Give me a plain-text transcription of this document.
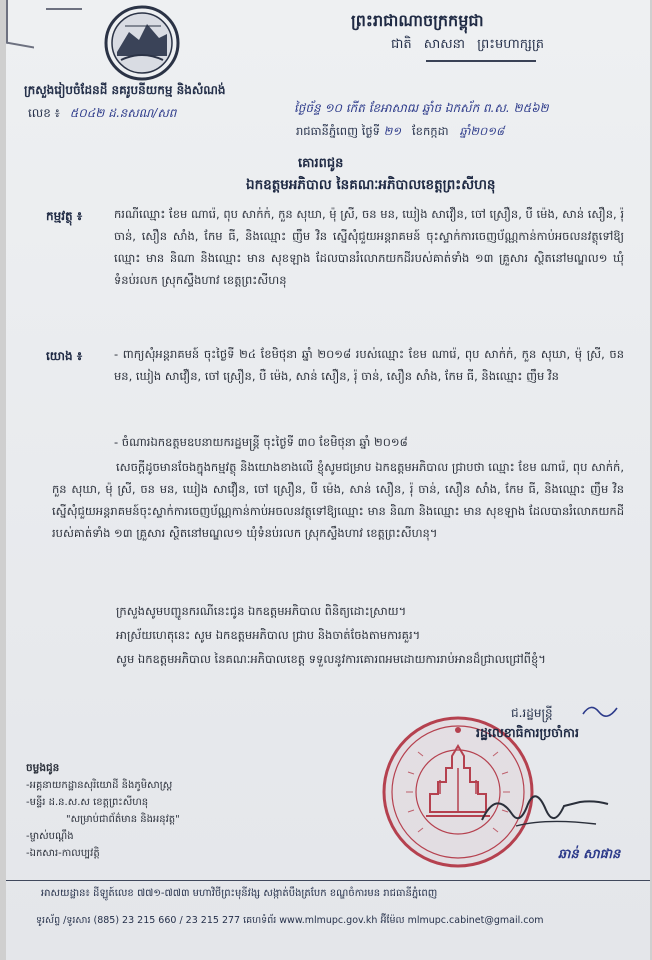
ព្រះរាជាណាចក្រកម្ពុជា
ជាតិ សាសនា ព្រះមហាក្សត្រ
ក្រសួងរៀបចំដែនដី នគរូបនីយកម្ម និងសំណង់
លេខ ៖ ៥០៤២ ដ.នសណ/សព	ថ្ងៃច័ន្ទ ១០ កើត ខែអាសាឍ ឆ្នាំច ឯកស័ក ព.ស. ២៥៦២
រាជធានីភ្នំពេញ ថ្ងៃទី ២១ ខែកក្កដា ឆ្នាំ២០១៨
គោរពជូន
ឯកឧត្តមអភិបាល នៃគណៈអភិបាលខេត្តព្រះសីហនុ
កម្មវត្ថុ ៖	ករណីឈ្មោះ ខែម ណារ៉េ, ពុប សាក់ក់, កួន សុឃា, ម៉ុ ស្រី, ចន មន, ឃៀង សាវឿន, ចៅ ស្រឿន, បឺ ម៉េង, សាន់ សឿន, រ៉ុ ចាន់, សឿន សាំង, កែម ធី, និងឈ្មោះ ញឹម វិន ស្នើសុំជួយអន្តរាគមន៍ ចុះស្ទាក់ការចេញប័ណ្ណកាន់កាប់អចលនវត្ថុទៅឱ្យឈ្មោះ មាន និណា និងឈ្មោះ មាន សុខឡាង ដែលបានរំលោភយកដីរបស់គាត់ទាំង ១៣ គ្រួសារ ស្ថិតនៅមណ្ឌល១ ឃុំទំនប់រលក ស្រុកស្ទឹងហាវ ខេត្តព្រះសីហនុ
យោង ៖	- ពាក្យសុំអន្តរាគមន៍ ចុះថ្ងៃទី ២៤ ខែមិថុនា ឆ្នាំ ២០១៨ របស់ឈ្មោះ ខែម ណារ៉េ, ពុប សាក់ក់, កួន សុឃា, ម៉ុ ស្រី, ចន មន, ឃៀង សាវឿន, ចៅ ស្រឿន, បឺ ម៉េង, សាន់ សឿន, រ៉ុ ចាន់, សឿន សាំង, កែម ធី, និងឈ្មោះ ញឹម វិន
- ចំណារឯកឧត្តមឧបនាយករដ្ឋមន្ត្រី ចុះថ្ងៃទី ៣០ ខែមិថុនា ឆ្នាំ ២០១៨
សេចក្តីដូចមានចែងក្នុងកម្មវត្ថុ និងយោងខាងលើ ខ្ញុំសូមជម្រាប ឯកឧត្តមអភិបាល ជ្រាបថា ឈ្មោះ ខែម ណារ៉េ, ពុប សាក់ក់, កួន សុឃា, ម៉ុ ស្រី, ចន មន, ឃៀង សាវឿន, ចៅ ស្រឿន, បឺ ម៉េង, សាន់ សឿន, រ៉ុ ចាន់, សឿន សាំង, កែម ធី, និងឈ្មោះ ញឹម វិន ស្នើសុំជួយអន្តរាគមន៍ចុះស្ទាក់ការចេញប័ណ្ណកាន់កាប់អចលនវត្ថុទៅឱ្យឈ្មោះ មាន និណា និងឈ្មោះ មាន សុខឡាង ដែលបានរំលោភយកដីរបស់គាត់ទាំង ១៣ គ្រួសារ ស្ថិតនៅមណ្ឌល១ ឃុំទំនប់រលក ស្រុកស្ទឹងហាវ ខេត្តព្រះសីហនុ។
ក្រសួងសូមបញ្ជូនករណីនេះជូន ឯកឧត្តមអភិបាល ពិនិត្យដោះស្រាយ។
អាស្រ័យហេតុនេះ សូម ឯកឧត្តមអភិបាល ជ្រាប និងចាត់ចែងតាមការគួរ។
សូម ឯកឧត្តមអភិបាល នៃគណៈអភិបាលខេត្ត ទទួលនូវការគោរពអមដោយការរាប់អានដ៏ជ្រាលជ្រៅពីខ្ញុំ។
ជ.រដ្ឋមន្ត្រី
រដ្ឋលេខាធិការប្រចាំការ
ឆាន់ សាផាន
ចម្លងជូន
-អគ្គនាយកដ្ឋានសុរិយោដី និងភូមិសាស្ត្រ
-មន្ទីរ ដ.ន.ស.ស ខេត្តព្រះសីហនុ
"សម្រាប់ជាព័ត៌មាន និងអនុវត្ត"
-ម្ចាស់បណ្តឹង
-ឯកសារ-កាលប្បវត្តិ
អាសយដ្ឋាន៖ ដីឡូត៍លេខ ៧៧១-៧៧៣ មហាវិថីព្រះមុនីវង្ស សង្កាត់បឹងត្របែក ខណ្ឌចំការមន រាជធានីភ្នំពេញ
ទូរស័ព្ទ /ទូរសារ (885) 23 215 660 / 23 215 277 គេហទំព័រ www.mlmupc.gov.kh អ៊ីម៉ែល mlmupc.cabinet@gmail.com
